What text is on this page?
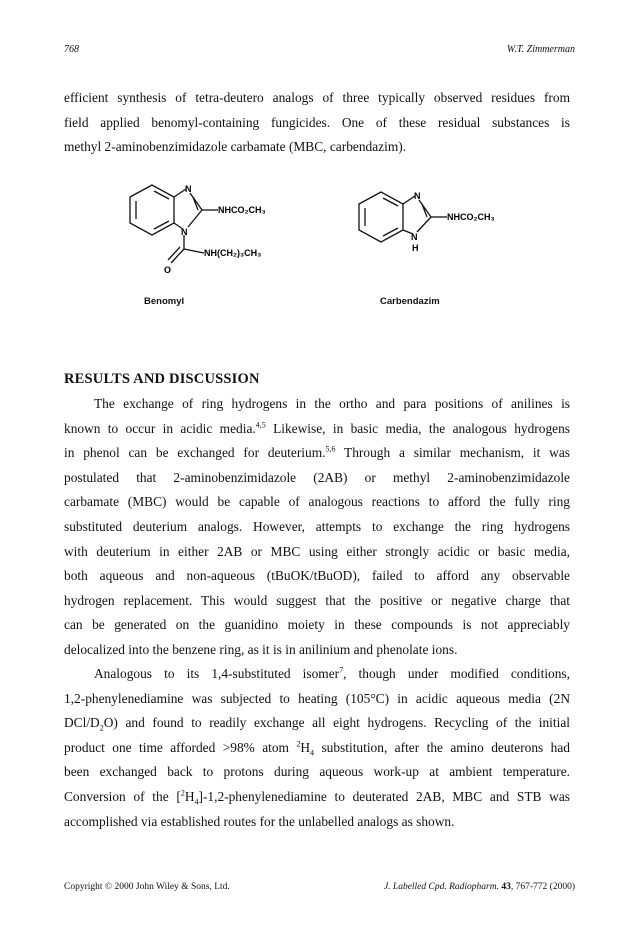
768	W.T. Zimmerman
efficient synthesis of tetra-deutero analogs of three typically observed residues from
field applied benomyl-containing fungicides. One of these residual substances is
methyl 2-aminobenzimidazole carbamate (MBC, carbendazim).
N
N
O
NHCO₂CH₃
NH(CH₂)₃CH₃
Benomyl
N
N
H
NHCO₂CH₃
Carbendazim
RESULTS AND DISCUSSION
The exchange of ring hydrogens in the ortho and para positions of anilines is
known to occur in acidic media.$^{4,5}$ Likewise, in basic media, the analogous hydrogens
in phenol can be exchanged for deuterium.$^{5,6}$ Through a similar mechanism, it was
postulated that 2-aminobenzimidazole (2AB) or methyl 2-aminobenzimidazole
carbamate (MBC) would be capable of analogous reactions to afford the fully ring
substituted deuterium analogs. However, attempts to exchange the ring hydrogens
with deuterium in either 2AB or MBC using either strongly acidic or basic media,
both aqueous and non-aqueous (tBuOK/tBuOD), failed to afford any observable
hydrogen replacement. This would suggest that the positive or negative charge that
can be generated on the guanidino moiety in these compounds is not appreciably
delocalized into the benzene ring, as it is in anilinium and phenolate ions.
Analogous to its 1,4-substituted isomer$^7$, though under modified conditions,
1,2-phenylenediamine was subjected to heating (105°C) in acidic aqueous media (2N
DCl/$D_2O$) and found to readily exchange all eight hydrogens. Recycling of the initial
product one time afforded >98% atom $^2H_4$ substitution, after the amino deuterons had
been exchanged back to protons during aqueous work-up at ambient temperature.
Conversion of the $[^2H_4]-1,2$-phenylenediamine to deuterated 2AB, MBC and STB was
accomplished via established routes for the unlabelled analogs as shown.
Copyright © 2000 John Wiley & Sons, Ltd.	J. Labelled Cpd. Radiopharm. 43, 767-772 (2000)
